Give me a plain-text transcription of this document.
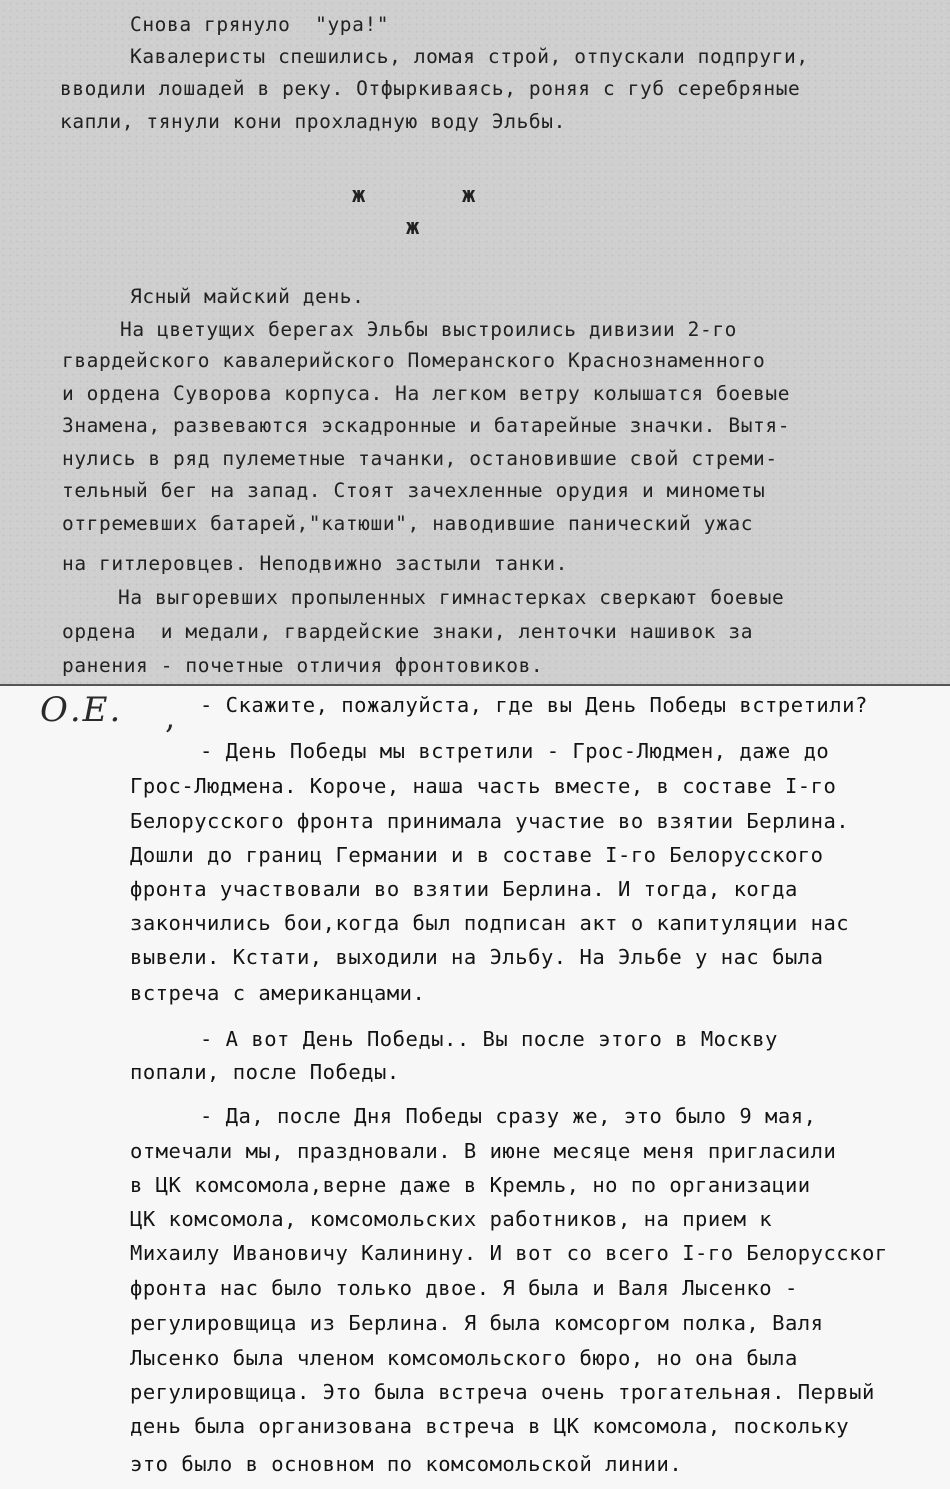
Снова грянуло  "ура!"
Кавалеристы спешились, ломая строй, отпускали подпруги,
вводили лошадей в реку. Отфыркиваясь, роняя с губ серебряные
капли, тянули кони прохладную воду Эльбы.
ж	ж
ж
Ясный майский день.
На цветущих берегах Эльбы выстроились дивизии 2-го
гвардейского кавалерийского Померанского Краснознаменного
и ордена Суворова корпуса. На легком ветру колышатся боевые
Знамена, развеваются эскадронные и батарейные значки. Вытя-
нулись в ряд пулеметные тачанки, остановившие свой стреми-
тельный бег на запад. Стоят зачехленные орудия и минометы
отгремевших батарей,"катюши", наводившие панический ужас
на гитлеровцев. Неподвижно застыли танки.
На выгоревших пропыленных гимнастерках сверкают боевые
ордена  и медали, гвардейские знаки, ленточки нашивок за
ранения - почетные отличия фронтовиков.
О.Е. , - Скажите, пожалуйста, где вы День Победы встретили?
- День Победы мы встретили - Грос-Людмен, даже до
Грос-Людмена. Короче, наша часть вместе, в составе I-го
Белорусского фронта принимала участие во взятии Берлина.
Дошли до границ Германии и в составе I-го Белорусского
фронта участвовали во взятии Берлина. И тогда, когда
закончились бои,когда был подписан акт о капитуляции нас
вывели. Кстати, выходили на Эльбу. На Эльбе у нас была
встреча с американцами.
- А вот День Победы.. Вы после этого в Москву
попали, после Победы.
- Да, после Дня Победы сразу же, это было 9 мая,
отмечали мы, праздновали. В июне месяце меня пригласили
в ЦК комсомола,верне даже в Кремль, но по организации
ЦК комсомола, комсомольских работников, на прием к
Михаилу Ивановичу Калинину. И вот со всего I-го Белорусског
фронта нас было только двое. Я была и Валя Лысенко -
регулировщица из Берлина. Я была комсоргом полка, Валя
Лысенко была членом комсомольского бюро, но она была
регулировщица. Это была встреча очень трогательная. Первый
день была организована встреча в ЦК комсомола, поскольку
это было в основном по комсомольской линии.
